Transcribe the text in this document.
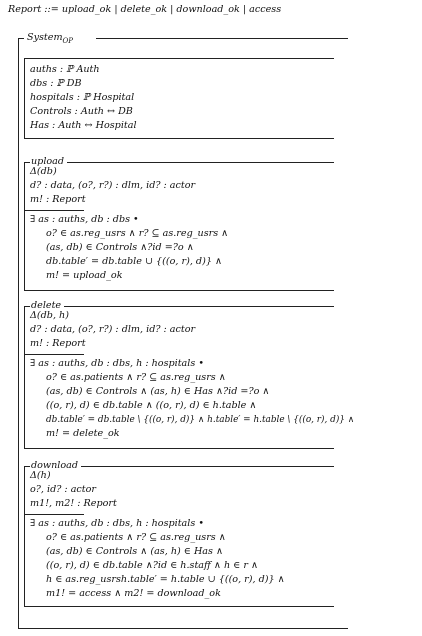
Report ::= upload_ok | delete_ok | download_ok | access
System$_{OP}$
auths : ℙ Auth
dbs : ℙ DB
hospitals : ℙ Hospital
Controls : Auth ↔ DB
Has : Auth ↔ Hospital
upload
Δ(db)
d? : data, (o?, r?) : dlm, id? : actor
m! : Report
∃ as : auths, db : dbs •
o? ∈ as.reg_usrs ∧ r? ⊆ as.reg_usrs ∧
(as, db) ∈ Controls ∧?id =?o ∧
db.table′ = db.table ∪ {((o, r), d)} ∧
m! = upload_ok
delete
Δ(db, h)
d? : data, (o?, r?) : dlm, id? : actor
m! : Report
∃ as : auths, db : dbs, h : hospitals •
o? ∈ as.patients ∧ r? ⊆ as.reg_usrs ∧
(as, db) ∈ Controls ∧ (as, h) ∈ Has ∧?id =?o ∧
((o, r), d) ∈ db.table ∧ ((o, r), d) ∈ h.table ∧
db.table′ = db.table \ {((o, r), d)} ∧ h.table′ = h.table \ {((o, r), d)} ∧
m! = delete_ok
download
Δ(h)
o?, id? : actor
m1!, m2! : Report
∃ as : auths, db : dbs, h : hospitals •
o? ∈ as.patients ∧ r? ⊆ as.reg_usrs ∧
(as, db) ∈ Controls ∧ (as, h) ∈ Has ∧
((o, r), d) ∈ db.table ∧?id ∈ h.staff ∧ h ∈ r ∧
h ∈ as.reg_usrsh.table′ = h.table ∪ {((o, r), d)} ∧
m1! = access ∧ m2! = download_ok
